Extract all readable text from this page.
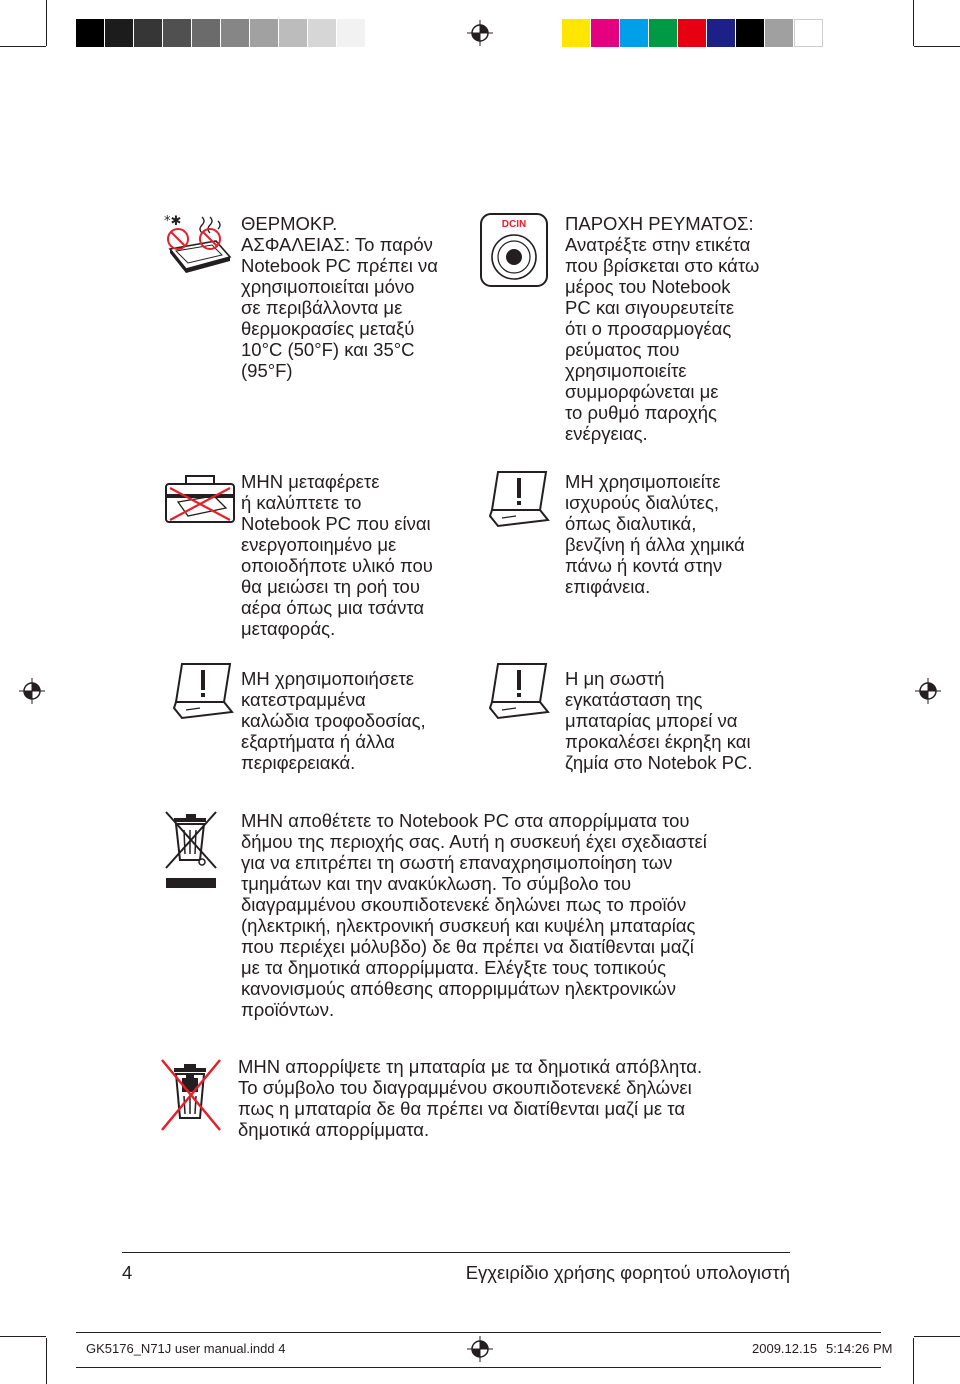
*✱	DCIN
ΘΕΡΜΟΚΡ.
ΑΣΦΑΛΕΙΑΣ: Το παρόν
Notebook PC πρέπει να
χρησιμοποιείται μόνο
σε περιβάλλοντα με
θερμοκρασίες μεταξύ
10°C (50°F) και 35°C
(95°F)
ΠΑΡΟΧΗ ΡΕΥΜΑΤΟΣ:
Ανατρέξτε στην ετικέτα
που βρίσκεται στο κάτω
μέρος του Notebook
PC και σιγουρευτείτε
ότι ο προσαρμογέας
ρεύματος που
χρησιμοποιείτε
συμμορφώνεται με
το ρυθμό παροχής
ενέργειας.
ΜΗΝ μεταφέρετε
ή καλύπτετε το
Notebook PC που είναι
ενεργοποιημένο με
οποιοδήποτε υλικό που
θα μειώσει τη ροή του
αέρα όπως μια τσάντα
μεταφοράς.
ΜΗ χρησιμοποιείτε
ισχυρούς διαλύτες,
όπως διαλυτικά,
βενζίνη ή άλλα χημικά
πάνω ή κοντά στην
επιφάνεια.
ΜΗ χρησιμοποιήσετε
κατεστραμμένα
καλώδια τροφοδοσίας,
εξαρτήματα ή άλλα
περιφερειακά.
Η μη σωστή
εγκατάσταση της
μπαταρίας μπορεί να
προκαλέσει έκρηξη και
ζημία στο Notebok PC.
ΜΗΝ αποθέτετε το Notebook PC στα απορρίμματα του
δήμου της περιοχής σας. Αυτή η συσκευή έχει σχεδιαστεί
για να επιτρέπει τη σωστή επαναχρησιμοποίηση των
τμημάτων και την ανακύκλωση. Το σύμβολο του
διαγραμμένου σκουπιδοτενεκέ δηλώνει πως το προϊόν
(ηλεκτρική, ηλεκτρονική συσκευή και κυψέλη μπαταρίας
που περιέχει μόλυβδο) δε θα πρέπει να διατίθενται μαζί
με τα δημοτικά απορρίμματα. Ελέγξτε τους τοπικούς
κανονισμούς απόθεσης απορριμμάτων ηλεκτρονικών
προϊόντων.
ΜΗΝ απορρίψετε τη μπαταρία με τα δημοτικά απόβλητα.
Το σύμβολο του διαγραμμένου σκουπιδοτενεκέ δηλώνει
πως η μπαταρία δε θα πρέπει να διατίθενται μαζί με τα
δημοτικά απορρίμματα.
4	Εγχειρίδιο χρήσης φορητού υπολογιστή
GK5176_N71J user manual.indd 4	2009.12.15 5:14:26 PM
